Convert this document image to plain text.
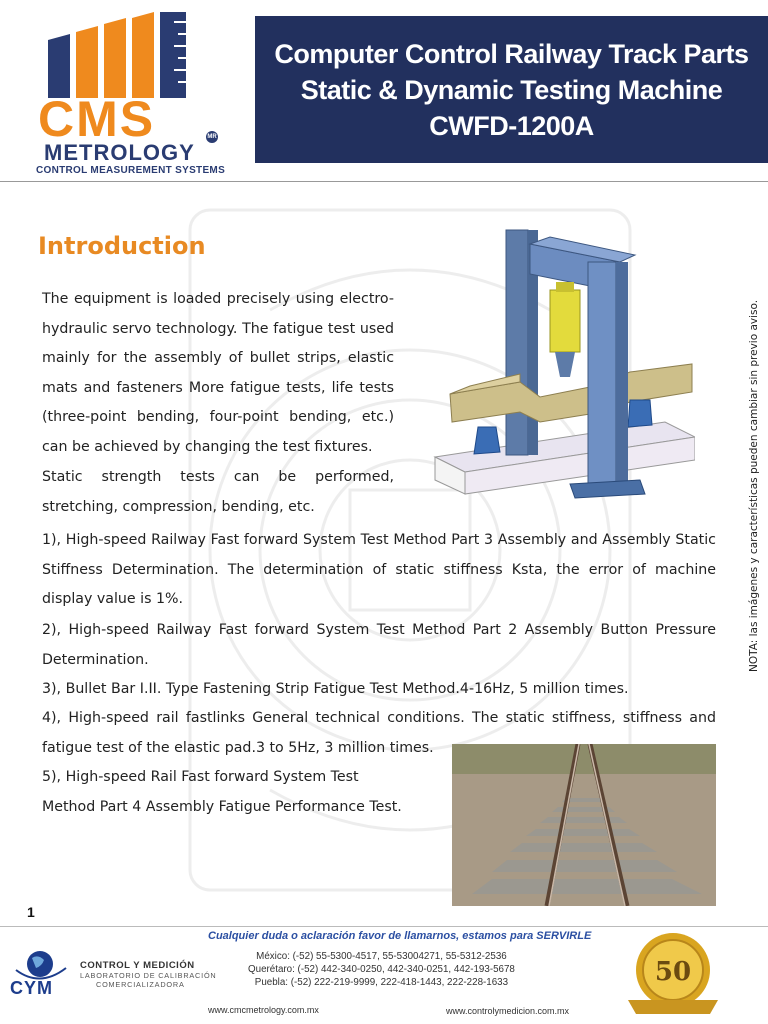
CMS	MR
METROLOGY
CONTROL MEASUREMENT SYSTEMS
Computer Control Railway Track Parts
Static & Dynamic Testing Machine
CWFD-1200A
Introduction
The equipment is loaded precisely using electro-hydraulic servo technology. The fatigue test used mainly for the assembly of bullet strips, elastic mats and fasteners More fatigue tests, life tests (three-point bending, four-point bending, etc.) can be achieved by changing the test fixtures.
Static strength tests can be performed, stretching, compression, bending, etc.
1), High-speed Railway Fast forward System Test Method Part 3 Assembly and Assembly Static Stiffness Determination. The determination of static stiffness Ksta, the error of machine display value is 1%.
2), High-speed Railway Fast forward System Test Method Part 2 Assembly Button Pressure Determination.
3), Bullet Bar I.II. Type Fastening Strip Fatigue Test Method.4-16Hz, 5 million times.
4), High-speed rail fastlinks General technical conditions. The static stiffness, stiffness and fatigue test of the elastic pad.3 to 5Hz, 3 million times.
5), High-speed Rail Fast forward System Test Method Part 4 Assembly Fatigue Performance Test.
NOTA: las imágenes y características pueden cambiar sin previo aviso.
1
Cualquier duda o aclaración favor de llamarnos, estamos para SERVIRLE
CYM
CONTROL Y MEDICIÓN
LABORATORIO DE CALIBRACIÓN
COMERCIALIZADORA
México: (-52) 55-5300-4517, 55-53004271, 55-5312-2536
Querétaro: (-52) 442-340-0250, 442-340-0251, 442-193-5678
Puebla: (-52) 222-219-9999, 222-418-1443, 222-228-1633
www.cmcmetrology.com.mx	www.controlymedicion.com.mx
50
